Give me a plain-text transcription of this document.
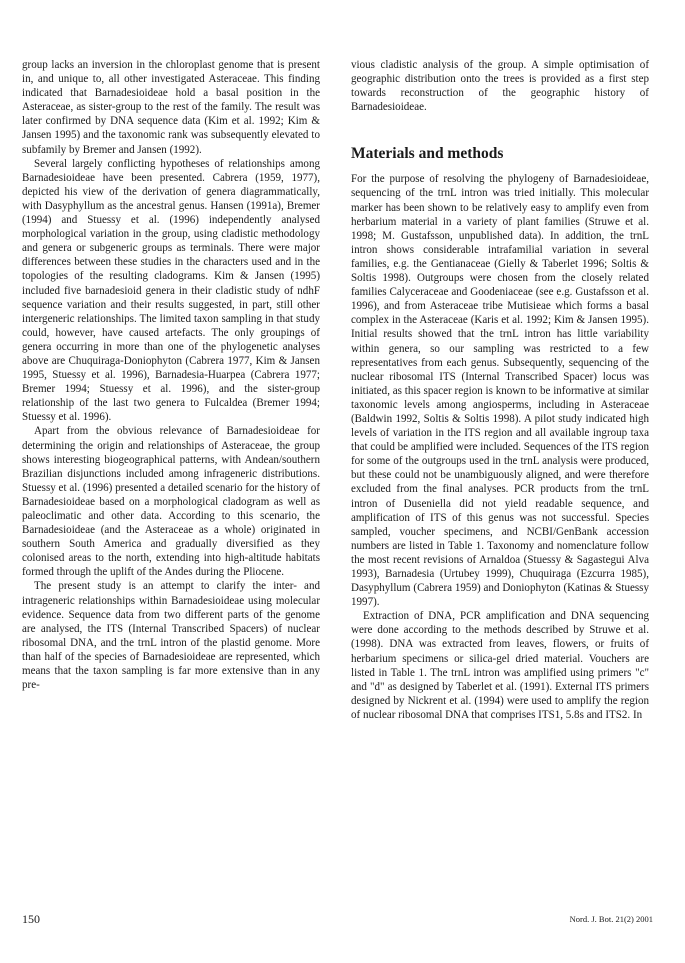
group lacks an inversion in the chloroplast genome that is present in, and unique to, all other investigated Asteraceae. This finding indicated that Barnadesioideae hold a basal position in the Asteraceae, as sister-group to the rest of the family. The result was later confirmed by DNA sequence data (Kim et al. 1992; Kim & Jansen 1995) and the taxonomic rank was subsequently elevated to subfamily by Bremer and Jansen (1992).

Several largely conflicting hypotheses of relationships among Barnadesioideae have been presented. Cabrera (1959, 1977), depicted his view of the derivation of genera diagrammatically, with Dasyphyllum as the ancestral genus. Hansen (1991a), Bremer (1994) and Stuessy et al. (1996) independently analysed morphological variation in the group, using cladistic methodology and genera or subgeneric groups as terminals. There were major differences between these studies in the characters used and in the topologies of the resulting cladograms. Kim & Jansen (1995) included five barnadesioid genera in their cladistic study of ndhF sequence variation and their results suggested, in part, still other intergeneric relationships. The limited taxon sampling in that study could, however, have caused artefacts. The only groupings of genera occurring in more than one of the phylogenetic analyses above are Chuquiraga-Doniophyton (Cabrera 1977, Kim & Jansen 1995, Stuessy et al. 1996), Barnadesia-Huarpea (Cabrera 1977; Bremer 1994; Stuessy et al. 1996), and the sister-group relationship of the last two genera to Fulcaldea (Bremer 1994; Stuessy et al. 1996).

Apart from the obvious relevance of Barnadesioideae for determining the origin and relationships of Asteraceae, the group shows interesting biogeographical patterns, with Andean/southern Brazilian disjunctions included among infrageneric distributions. Stuessy et al. (1996) presented a detailed scenario for the history of Barnadesioideae based on a morphological cladogram as well as paleoclimatic and other data. According to this scenario, the Barnadesioideae (and the Asteraceae as a whole) originated in southern South America and gradually diversified as they colonised areas to the north, extending into high-altitude habitats formed through the uplift of the Andes during the Pliocene.

The present study is an attempt to clarify the inter- and intrageneric relationships within Barnadesioideae using molecular evidence. Sequence data from two different parts of the genome are analysed, the ITS (Internal Transcribed Spacers) of nuclear ribosomal DNA, and the trnL intron of the plastid genome. More than half of the species of Barnadesioideae are represented, which means that the taxon sampling is far more extensive than in any pre-

vious cladistic analysis of the group. A simple optimisation of geographic distribution onto the trees is provided as a first step towards reconstruction of the geographic history of Barnadesioideae.

Materials and methods

For the purpose of resolving the phylogeny of Barnadesioideae, sequencing of the trnL intron was tried initially. This molecular marker has been shown to be relatively easy to amplify even from herbarium material in a variety of plant families (Struwe et al. 1998; M. Gustafsson, unpublished data). In addition, the trnL intron shows considerable intrafamilial variation in several families, e.g. the Gentianaceae (Gielly & Taberlet 1996; Soltis & Soltis 1998). Outgroups were chosen from the closely related families Calyceraceae and Goodeniaceae (see e.g. Gustafsson et al. 1996), and from Asteraceae tribe Mutisieae which forms a basal complex in the Asteraceae (Karis et al. 1992; Kim & Jansen 1995). Initial results showed that the trnL intron has little variability within genera, so our sampling was restricted to a few representatives from each genus. Subsequently, sequencing of the nuclear ribosomal ITS (Internal Transcribed Spacer) locus was initiated, as this spacer region is known to be informative at similar taxonomic levels among angiosperms, including in Asteraceae (Baldwin 1992, Soltis & Soltis 1998). A pilot study indicated high levels of variation in the ITS region and all available ingroup taxa that could be amplified were included. Sequences of the ITS region for some of the outgroups used in the trnL analysis were produced, but these could not be unambiguously aligned, and were therefore excluded from the final analyses. PCR products from the trnL intron of Duseniella did not yield readable sequence, and amplification of ITS of this genus was not successful. Species sampled, voucher specimens, and NCBI/GenBank accession numbers are listed in Table 1. Taxonomy and nomenclature follow the most recent revisions of Arnaldoa (Stuessy & Sagastegui Alva 1993), Barnadesia (Urtubey 1999), Chuquiraga (Ezcurra 1985), Dasyphyllum (Cabrera 1959) and Doniophyton (Katinas & Stuessy 1997).

Extraction of DNA, PCR amplification and DNA sequencing were done according to the methods described by Struwe et al. (1998). DNA was extracted from leaves, flowers, or fruits of herbarium specimens or silica-gel dried material. Vouchers are listed in Table 1. The trnL intron was amplified using primers "c" and "d" as designed by Taberlet et al. (1991). External ITS primers designed by Nickrent et al. (1994) were used to amplify the region of nuclear ribosomal DNA that comprises ITS1, 5.8s and ITS2. In

150	Nord. J. Bot. 21(2) 2001
